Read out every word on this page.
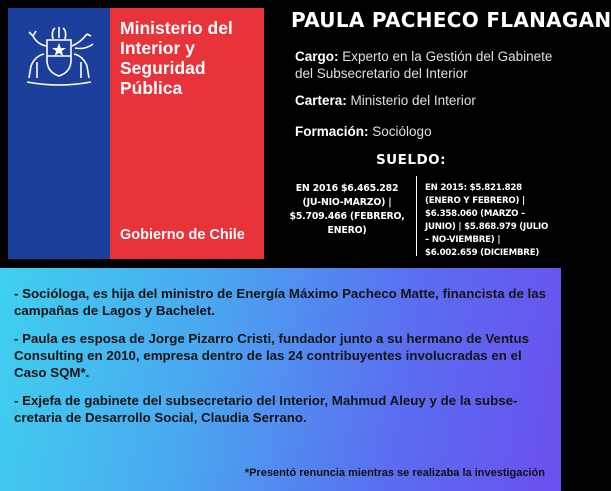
Ministerio del
Interior y
Seguridad
Pública

Gobierno de Chile
PAULA PACHECO FLANAGAN
Cargo: Experto en la Gestión del Gabinete del Subsecretario del Interior
Cartera: Ministerio del Interior
Formación: Sociólogo
SUELDO:
EN 2016 $6.465.282 (JU-NIO-MARZO) | $5.709.466 (FEBRERO, ENERO)
EN 2015: $5.821.828 (ENERO Y FEBRERO) | $6.358.060 (MARZO – JUNIO) | $5.868.979 (JULIO – NO-VIEMBRE) | $6.002.659 (DICIEMBRE)

- Socióloga, es hija del ministro de Energía Máximo Pacheco Matte, financista de las campañas de Lagos y Bachelet.

- Paula es esposa de Jorge Pizarro Cristi, fundador junto a su hermano de Ventus Consulting en 2010, empresa dentro de las 24 contribuyentes involucradas en el Caso SQM*.

- Exjefa de gabinete del subsecretario del Interior, Mahmud Aleuy y de la subse-cretaria de Desarrollo Social, Claudia Serrano.

*Presentó renuncia mientras se realizaba la investigación
